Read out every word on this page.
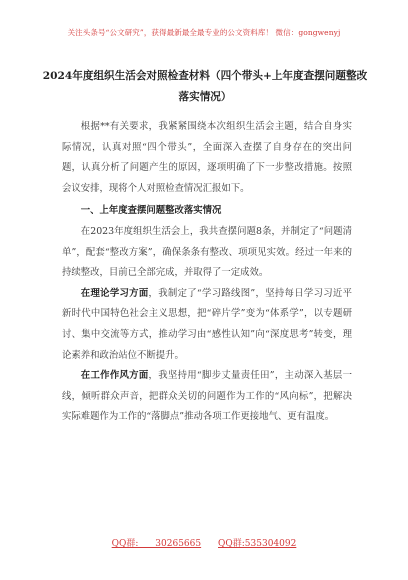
关注头条号“公文研究”，获得最新最全最专业的公文资料库！ 微信：gongwenyj
2024年度组织生活会对照检查材料（四个带头+上年度查摆问题整改落实情况）

根据**有关要求，我紧紧围绕本次组织生活会主题，结合自身实际情况，认真对照“四个带头”，全面深入查摆了自身存在的突出问题，认真分析了问题产生的原因，逐项明确了下一步整改措施。按照会议安排，现将个人对照检查情况汇报如下。

一、上年度查摆问题整改落实情况

在2023年度组织生活会上，我共查摆问题8条，并制定了“问题清单”，配套“整改方案”，确保条条有整改、项项见实效。经过一年来的持续整改，目前已全部完成，并取得了一定成效。

在理论学习方面，我制定了“学习路线图”，坚持每日学习习近平新时代中国特色社会主义思想，把“碎片学”变为“体系学”，以专题研讨、集中交流等方式，推动学习由“感性认知”向“深度思考”转变，理论素养和政治站位不断提升。

在工作作风方面，我坚持用“脚步丈量责任田”，主动深入基层一线，倾听群众声音，把群众关切的问题作为工作的“风向标”，把解决实际难题作为工作的“落脚点”推动各项工作更接地气、更有温度。

QQ群: 30265665 QQ群:535304092
